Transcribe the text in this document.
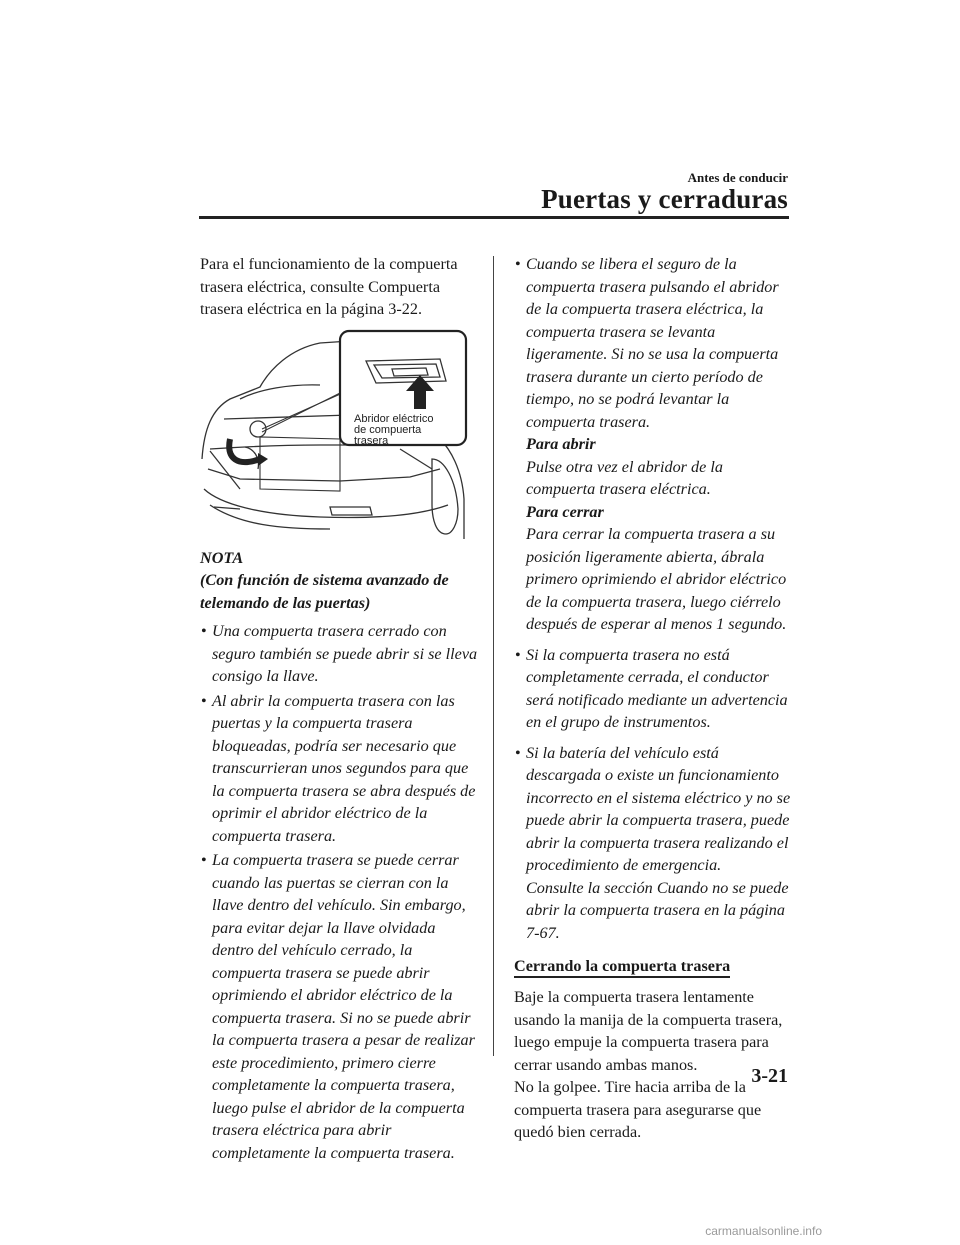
Antes de conducir
Puertas y cerraduras

Para el funcionamiento de la compuerta trasera eléctrica, consulte Compuerta trasera eléctrica en la página 3-22.

Abridor eléctrico
de compuerta
trasera

NOTA

(Con función de sistema avanzado de telemando de las puertas)

• Una compuerta trasera cerrado con seguro también se puede abrir si se lleva consigo la llave.
• Al abrir la compuerta trasera con las puertas y la compuerta trasera bloqueadas, podría ser necesario que transcurrieran unos segundos para que la compuerta trasera se abra después de oprimir el abridor eléctrico de la compuerta trasera.
• La compuerta trasera se puede cerrar cuando las puertas se cierran con la llave dentro del vehículo. Sin embargo, para evitar dejar la llave olvidada dentro del vehículo cerrado, la compuerta trasera se puede abrir oprimiendo el abridor eléctrico de la compuerta trasera. Si no se puede abrir la compuerta trasera a pesar de realizar este procedimiento, primero cierre completamente la compuerta trasera, luego pulse el abridor de la compuerta trasera eléctrica para abrir completamente la compuerta trasera.
• Cuando se libera el seguro de la compuerta trasera pulsando el abridor de la compuerta trasera eléctrica, la compuerta trasera se levanta ligeramente. Si no se usa la compuerta trasera durante un cierto período de tiempo, no se podrá levantar la compuerta trasera.
Para abrir
Pulse otra vez el abridor de la compuerta trasera eléctrica.
Para cerrar
Para cerrar la compuerta trasera a su posición ligeramente abierta, ábrala primero oprimiendo el abridor eléctrico de la compuerta trasera, luego ciérrelo después de esperar al menos 1 segundo.
• Si la compuerta trasera no está completamente cerrada, el conductor será notificado mediante un advertencia en el grupo de instrumentos.
• Si la batería del vehículo está descargada o existe un funcionamiento incorrecto en el sistema eléctrico y no se puede abrir la compuerta trasera, puede abrir la compuerta trasera realizando el procedimiento de emergencia.
Consulte la sección Cuando no se puede abrir la compuerta trasera en la página 7-67.
Cerrando la compuerta trasera

Baje la compuerta trasera lentamente usando la manija de la compuerta trasera, luego empuje la compuerta trasera para cerrar usando ambas manos.

No la golpee. Tire hacia arriba de la compuerta trasera para asegurarse que quedó bien cerrada.

3-21
carmanualsonline.info
